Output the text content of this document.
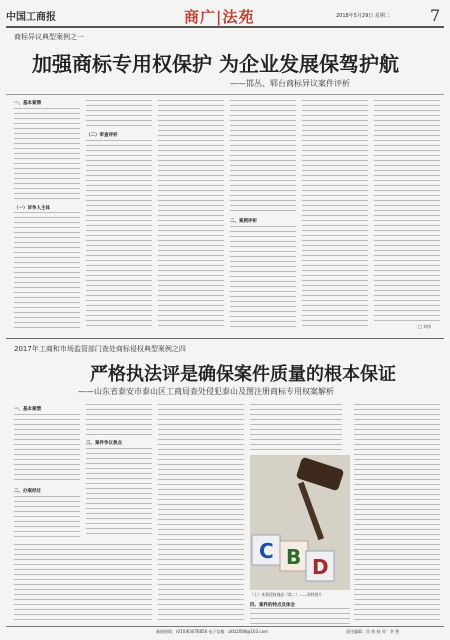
中国工商报	商广|法苑	2018年5月29日 星期二	7
商标异议典型案例之一
加强商标专用权保护 为企业发展保驾护航
——邯丛、郓台商标异议案件评析
一、基本案情
（一）诉争人主体
（二）审查评析
二、案例评析
□ 刘伟
2017年工商和市场监管部门查处商标侵权典型案例之四
严格执法评是确保案件质量的根本保证
——山东省泰安市泰山区工商局查处侵犯泰山及图注册商标专用权案解析
一、基本案情
二、办案经过
三、案件争议焦点
C B D
（上）本案侵权商品（第二）——资料图片
四、案件的特点及体会
新闻热线：(010)63076856 电子信箱：zkfz2008@163.com	责任编辑：肖 伟 校 对：李 想
